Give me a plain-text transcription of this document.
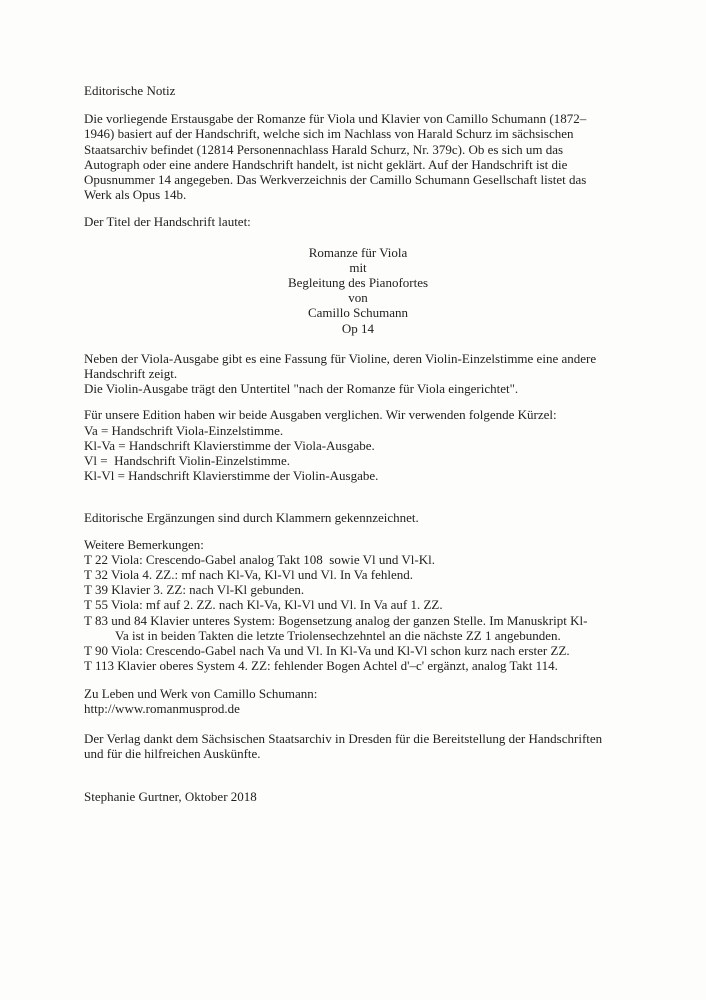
Editorische Notiz
Die vorliegende Erstausgabe der Romanze für Viola und Klavier von Camillo Schumann (1872–
1946) basiert auf der Handschrift, welche sich im Nachlass von Harald Schurz im sächsischen
Staatsarchiv befindet (12814 Personennachlass Harald Schurz, Nr. 379c). Ob es sich um das
Autograph oder eine andere Handschrift handelt, ist nicht geklärt. Auf der Handschrift ist die
Opusnummer 14 angegeben. Das Werkverzeichnis der Camillo Schumann Gesellschaft listet das
Werk als Opus 14b.
Der Titel der Handschrift lautet:
Romanze für Viola
mit
Begleitung des Pianofortes
von
Camillo Schumann
Op 14
Neben der Viola-Ausgabe gibt es eine Fassung für Violine, deren Violin-Einzelstimme eine andere
Handschrift zeigt.
Die Violin-Ausgabe trägt den Untertitel "nach der Romanze für Viola eingerichtet".
Für unsere Edition haben wir beide Ausgaben verglichen. Wir verwenden folgende Kürzel:
Va = Handschrift Viola-Einzelstimme.
Kl-Va = Handschrift Klavierstimme der Viola-Ausgabe.
Vl =  Handschrift Violin-Einzelstimme.
Kl-Vl = Handschrift Klavierstimme der Violin-Ausgabe.
Editorische Ergänzungen sind durch Klammern gekennzeichnet.
Weitere Bemerkungen:
T 22 Viola: Crescendo-Gabel analog Takt 108  sowie Vl und Vl-Kl.
T 32 Viola 4. ZZ.: mf nach Kl-Va, Kl-Vl und Vl. In Va fehlend.
T 39 Klavier 3. ZZ: nach Vl-Kl gebunden.
T 55 Viola: mf auf 2. ZZ. nach Kl-Va, Kl-Vl und Vl. In Va auf 1. ZZ.
T 83 und 84 Klavier unteres System: Bogensetzung analog der ganzen Stelle. Im Manuskript Kl-
Va ist in beiden Takten die letzte Triolensechzehntel an die nächste ZZ 1 angebunden.
T 90 Viola: Crescendo-Gabel nach Va und Vl. In Kl-Va und Kl-Vl schon kurz nach erster ZZ.
T 113 Klavier oberes System 4. ZZ: fehlender Bogen Achtel d'–c' ergänzt, analog Takt 114.
Zu Leben und Werk von Camillo Schumann:
http://www.romanmusprod.de
Der Verlag dankt dem Sächsischen Staatsarchiv in Dresden für die Bereitstellung der Handschriften
und für die hilfreichen Auskünfte.
Stephanie Gurtner, Oktober 2018
